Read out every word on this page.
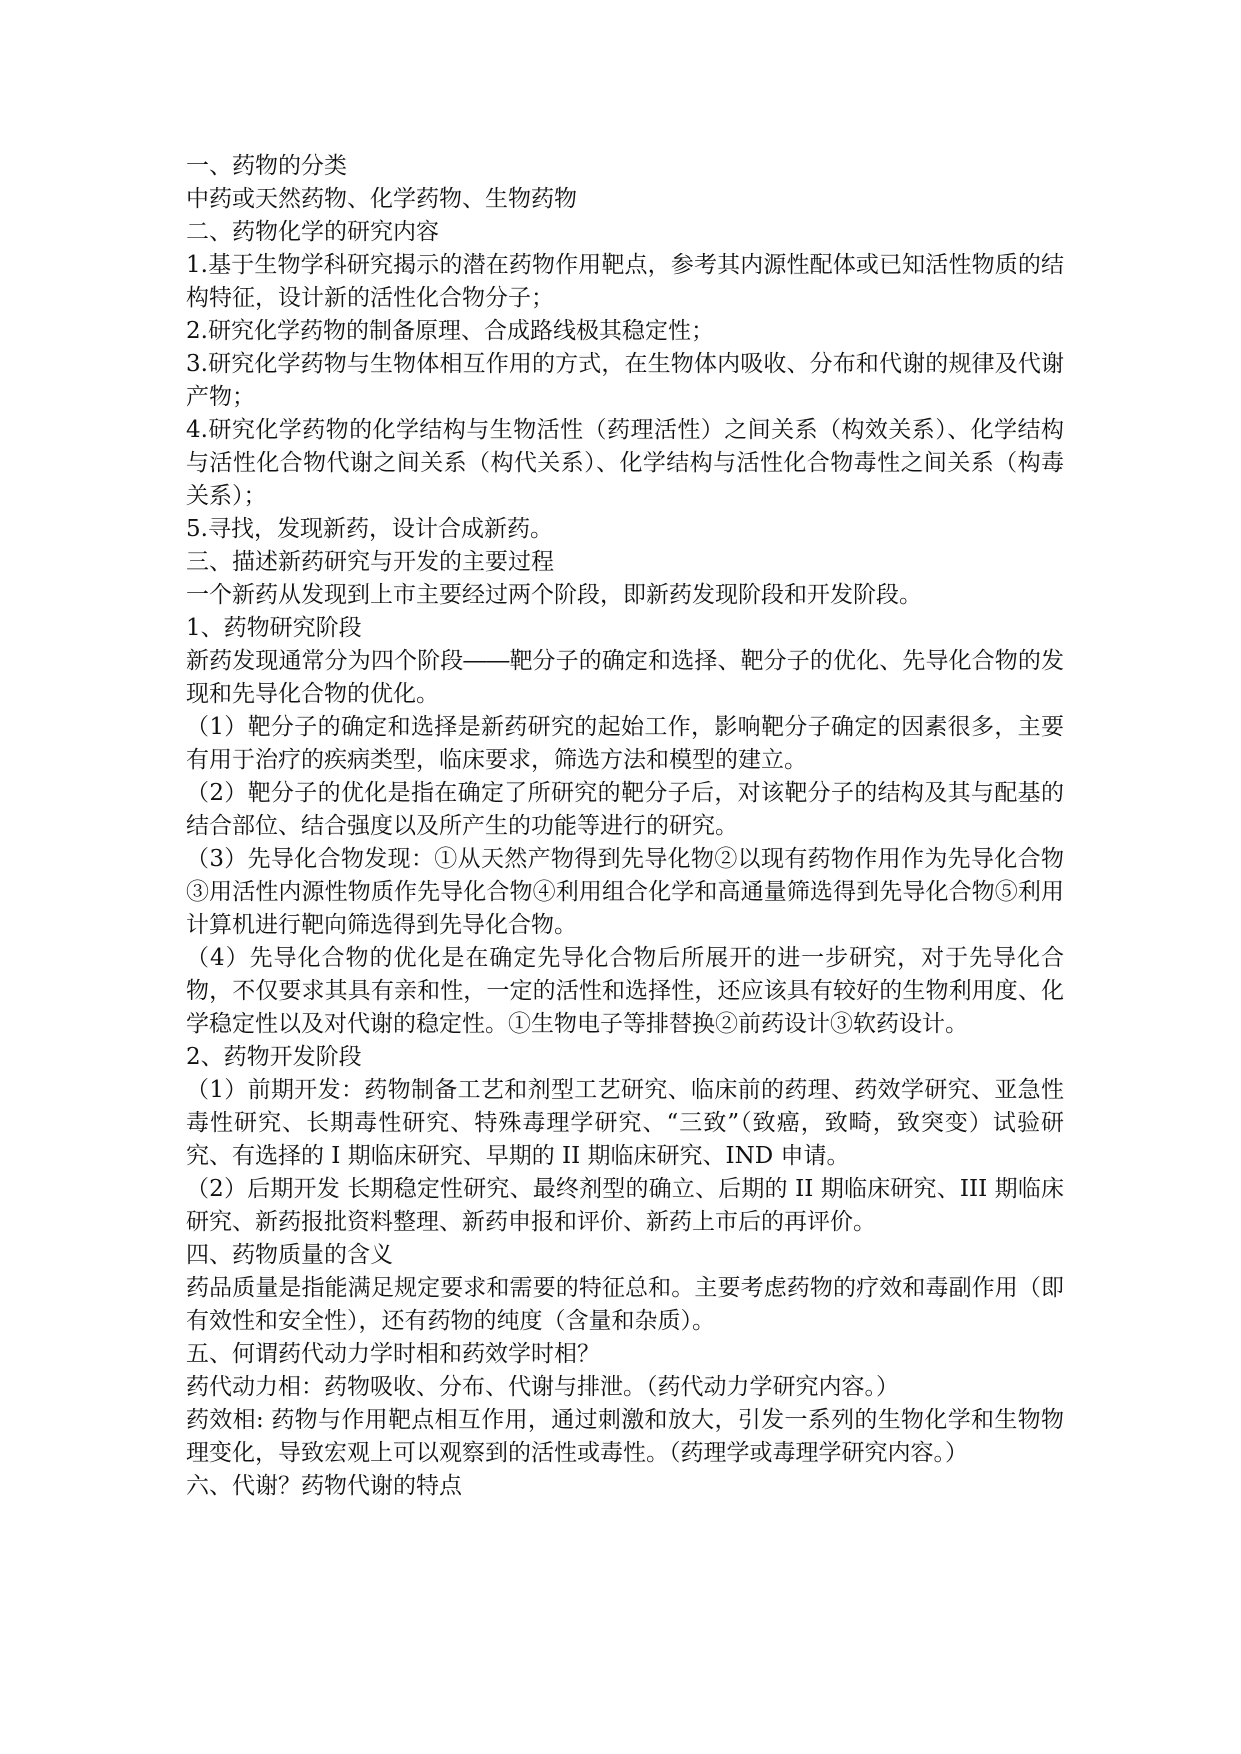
一、药物的分类

中药或天然药物、化学药物、生物药物

二、药物化学的研究内容

1.基于生物学科研究揭示的潜在药物作用靶点，参考其内源性配体或已知活性物质的结构特征，设计新的活性化合物分子；

2.研究化学药物的制备原理、合成路线极其稳定性；

3.研究化学药物与生物体相互作用的方式，在生物体内吸收、分布和代谢的规律及代谢产物；

4.研究化学药物的化学结构与生物活性（药理活性）之间关系（构效关系）、化学结构与活性化合物代谢之间关系（构代关系）、化学结构与活性化合物毒性之间关系（构毒关系）；

5.寻找，发现新药，设计合成新药。

三、描述新药研究与开发的主要过程

一个新药从发现到上市主要经过两个阶段，即新药发现阶段和开发阶段。

1、药物研究阶段

新药发现通常分为四个阶段――靶分子的确定和选择、靶分子的优化、先导化合物的发现和先导化合物的优化。

（1）靶分子的确定和选择是新药研究的起始工作，影响靶分子确定的因素很多，主要有用于治疗的疾病类型，临床要求，筛选方法和模型的建立。

（2）靶分子的优化是指在确定了所研究的靶分子后，对该靶分子的结构及其与配基的结合部位、结合强度以及所产生的功能等进行的研究。

（3）先导化合物发现：①从天然产物得到先导化物②以现有药物作用作为先导化合物③用活性内源性物质作先导化合物④利用组合化学和高通量筛选得到先导化合物⑤利用计算机进行靶向筛选得到先导化合物。

（4）先导化合物的优化是在确定先导化合物后所展开的进一步研究，对于先导化合物，不仅要求其具有亲和性，一定的活性和选择性，还应该具有较好的生物利用度、化学稳定性以及对代谢的稳定性。①生物电子等排替换②前药设计③软药设计。

2、药物开发阶段

（1）前期开发：药物制备工艺和剂型工艺研究、临床前的药理、药效学研究、亚急性毒性研究、长期毒性研究、特殊毒理学研究、“三致”（致癌，致畸，致突变）试验研究、有选择的 I 期临床研究、早期的 II 期临床研究、IND 申请。

（2）后期开发 长期稳定性研究、最终剂型的确立、后期的 II 期临床研究、III 期临床研究、新药报批资料整理、新药申报和评价、新药上市后的再评价。

四、药物质量的含义

药品质量是指能满足规定要求和需要的特征总和。主要考虑药物的疗效和毒副作用（即有效性和安全性），还有药物的纯度（含量和杂质）。

五、何谓药代动力学时相和药效学时相？

药代动力相：药物吸收、分布、代谢与排泄。（药代动力学研究内容。）

药效相: 药物与作用靶点相互作用，通过刺激和放大，引发一系列的生物化学和生物物理变化，导致宏观上可以观察到的活性或毒性。（药理学或毒理学研究内容。）

六、代谢？药物代谢的特点
